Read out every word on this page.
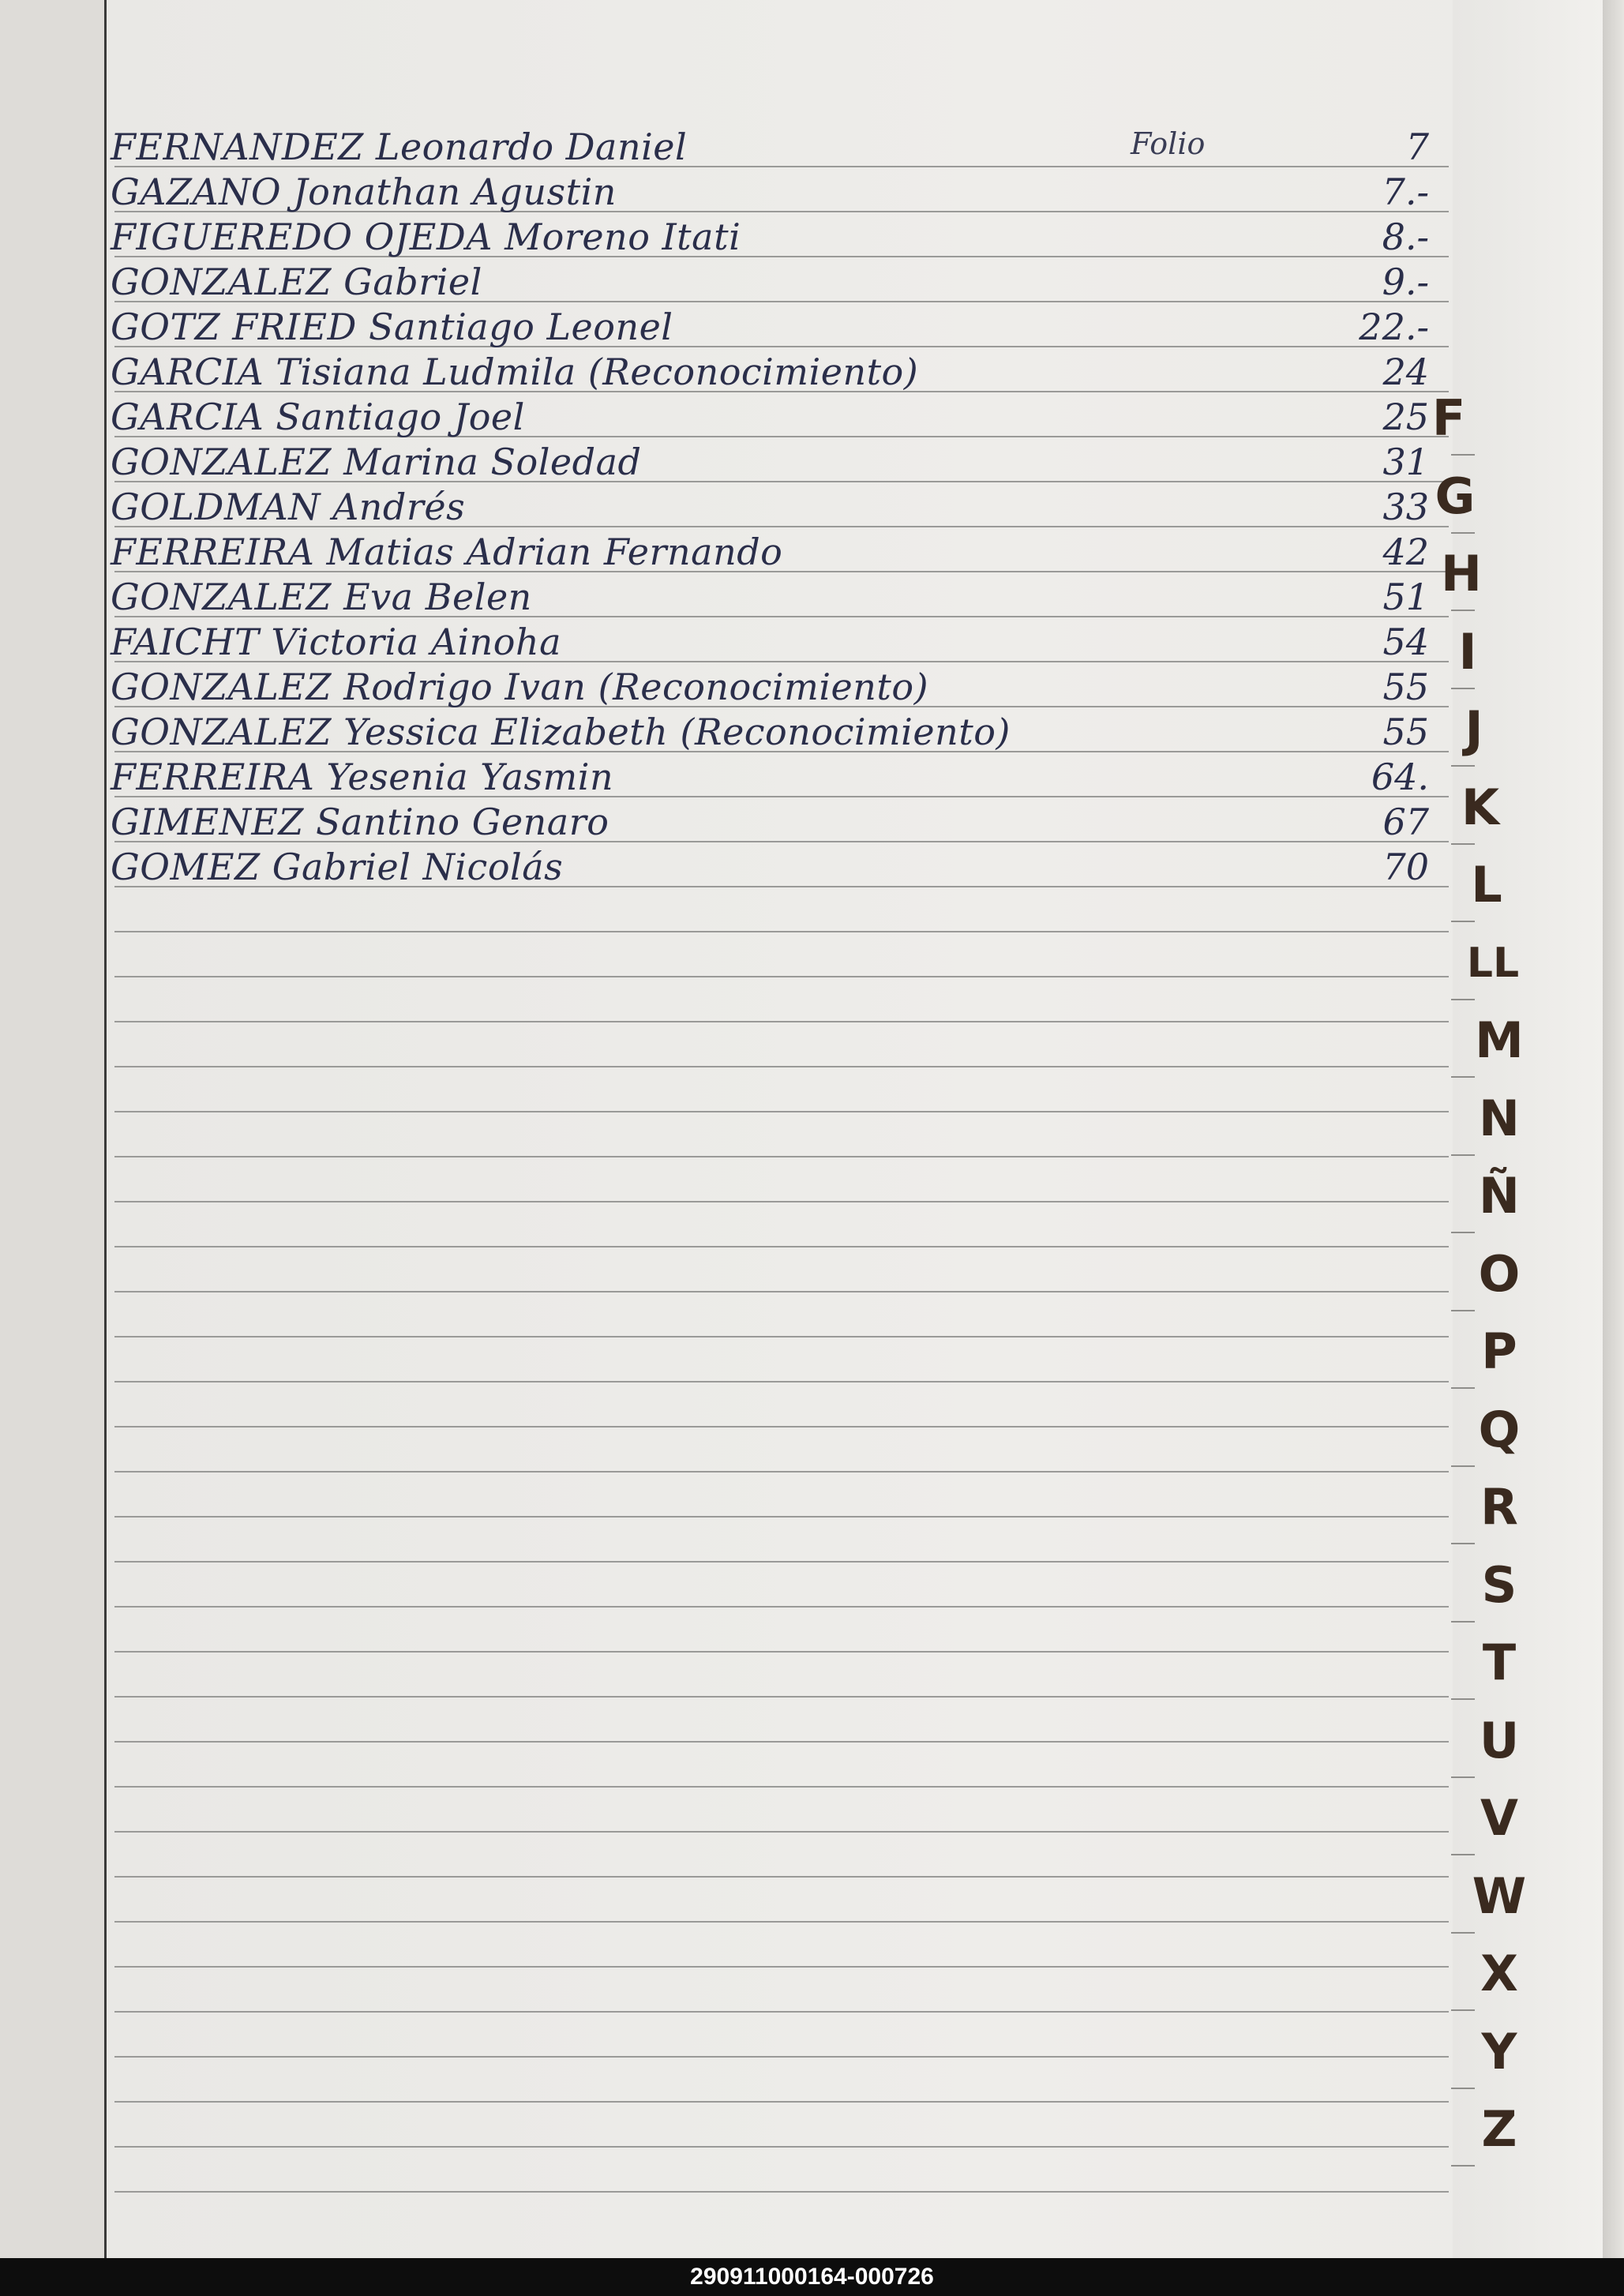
Folio
FERNANDEZ Leonardo Daniel	7
GAZANO Jonathan Agustin	7.-
FIGUEREDO OJEDA Moreno Itati	8.-
GONZALEZ Gabriel	9.-
GOTZ FRIED Santiago Leonel	22.-
GARCIA Tisiana Ludmila (Reconocimiento)	24
GARCIA Santiago Joel	25
GONZALEZ Marina Soledad	31
GOLDMAN Andrés	33
FERREIRA Matias Adrian Fernando	42
GONZALEZ Eva Belen	51
FAICHT Victoria Ainoha	54
GONZALEZ Rodrigo Ivan (Reconocimiento)	55
GONZALEZ Yessica Elizabeth (Reconocimiento)	55
FERREIRA Yesenia Yasmin	64.
GIMENEZ Santino Genaro	67
GOMEZ Gabriel Nicolás	70
F
G
H
I
J
K
L
LL
M
N
Ñ
O
P
Q
R
S
T
U
V
W
X
Y
Z
290911000164-000726
